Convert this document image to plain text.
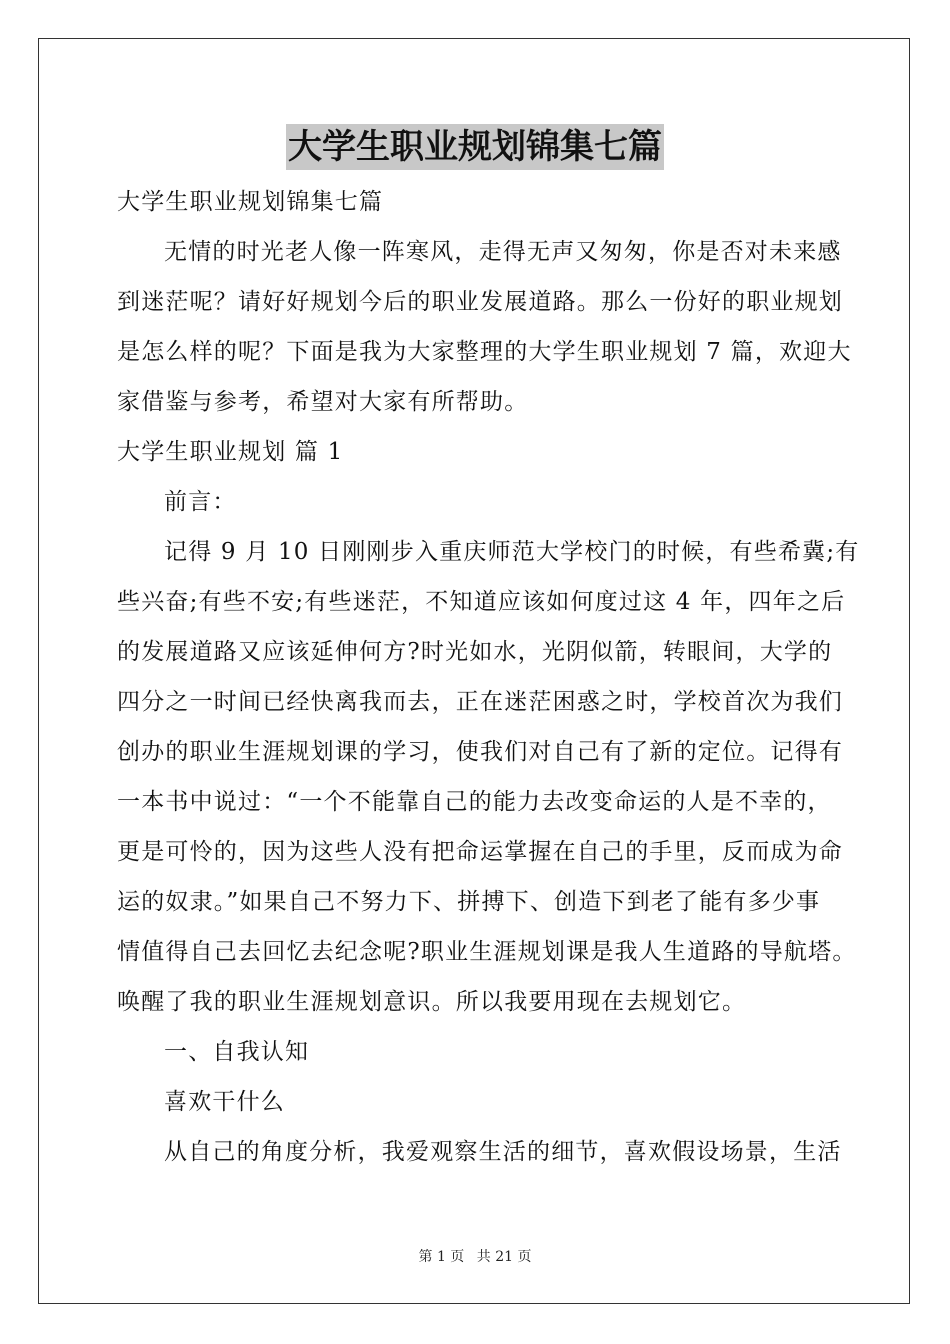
大学生职业规划锦集七篇
大学生职业规划锦集七篇
无情的时光老人像一阵寒风，走得无声又匆匆，你是否对未来感
到迷茫呢？请好好规划今后的职业发展道路。那么一份好的职业规划
是怎么样的呢？下面是我为大家整理的大学生职业规划 7 篇，欢迎大
家借鉴与参考，希望对大家有所帮助。
大学生职业规划 篇 1
前言：
记得 9 月 10 日刚刚步入重庆师范大学校门的时候，有些希冀;有
些兴奋;有些不安;有些迷茫，不知道应该如何度过这 4 年，四年之后
的发展道路又应该延伸何方?时光如水，光阴似箭，转眼间，大学的
四分之一时间已经快离我而去，正在迷茫困惑之时，学校首次为我们
创办的职业生涯规划课的学习，使我们对自己有了新的定位。记得有
一本书中说过：“一个不能靠自己的能力去改变命运的人是不幸的，
更是可怜的，因为这些人没有把命运掌握在自己的手里，反而成为命
运的奴隶。”如果自己不努力下、拼搏下、创造下到老了能有多少事
情值得自己去回忆去纪念呢?职业生涯规划课是我人生道路的导航塔。
唤醒了我的职业生涯规划意识。所以我要用现在去规划它。
一、自我认知
喜欢干什么
从自己的角度分析，我爱观察生活的细节，喜欢假设场景，生活
第 1 页 共 21 页
